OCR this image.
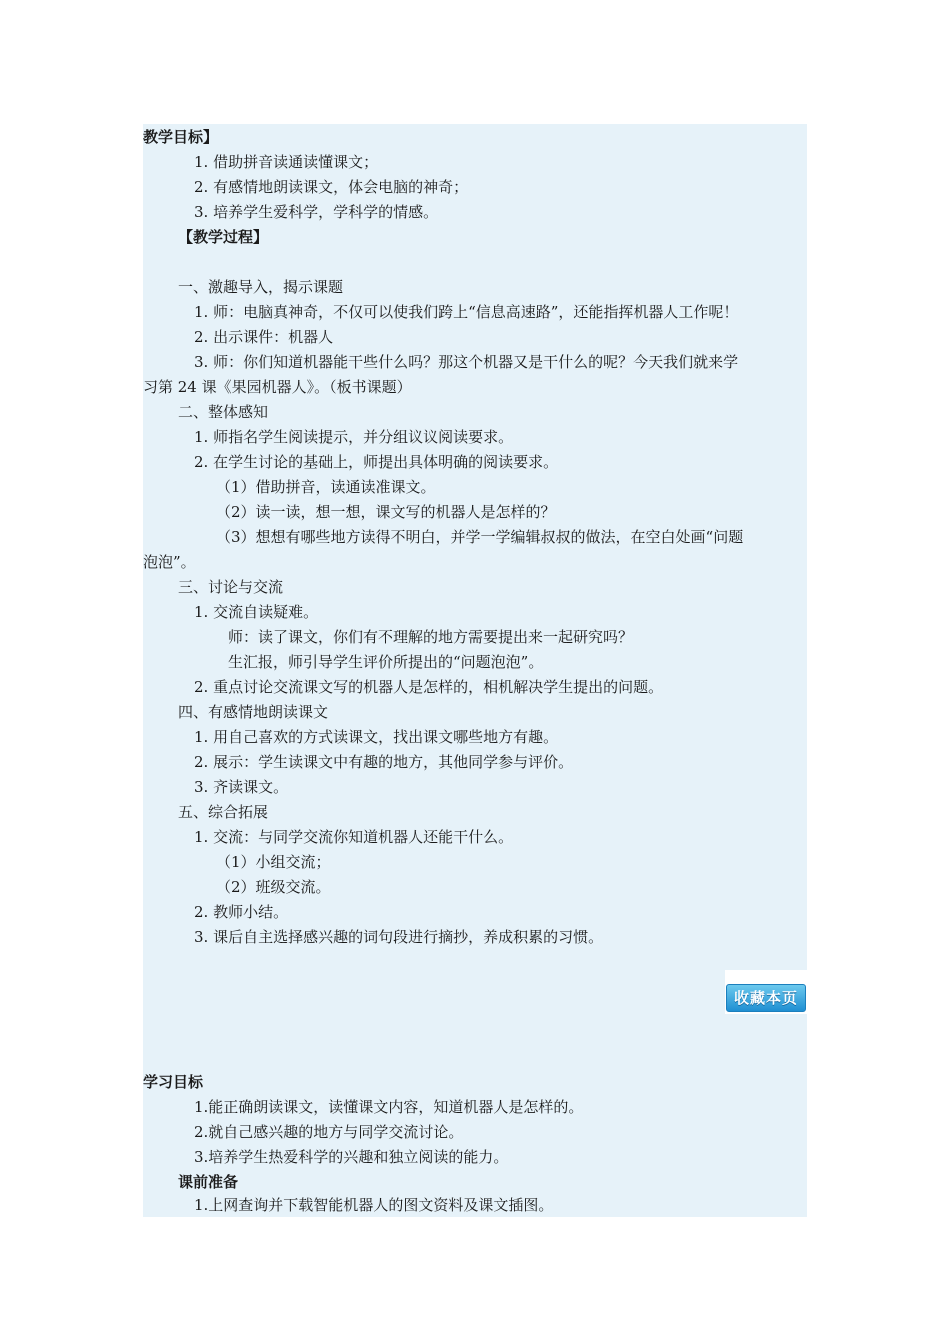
教学目标】
1. 借助拼音读通读懂课文；
2. 有感情地朗读课文，体会电脑的神奇；
3. 培养学生爱科学，学科学的情感。
【教学过程】
一、激趣导入，揭示课题
1. 师：电脑真神奇，不仅可以使我们跨上“信息高速路”，还能指挥机器人工作呢！
2. 出示课件：机器人
3. 师：你们知道机器能干些什么吗？那这个机器又是干什么的呢？今天我们就来学
习第 24 课《果园机器人》。（板书课题）
二、整体感知
1. 师指名学生阅读提示，并分组议议阅读要求。
2. 在学生讨论的基础上，师提出具体明确的阅读要求。
（1）借助拼音，读通读准课文。
（2）读一读，想一想，课文写的机器人是怎样的？
（3）想想有哪些地方读得不明白，并学一学编辑叔叔的做法，在空白处画“问题
泡泡”。
三、讨论与交流
1. 交流自读疑难。
师：读了课文，你们有不理解的地方需要提出来一起研究吗？
生汇报，师引导学生评价所提出的“问题泡泡”。
2. 重点讨论交流课文写的机器人是怎样的，相机解决学生提出的问题。
四、有感情地朗读课文
1. 用自己喜欢的方式读课文，找出课文哪些地方有趣。
2. 展示：学生读课文中有趣的地方，其他同学参与评价。
3. 齐读课文。
五、综合拓展
1. 交流：与同学交流你知道机器人还能干什么。
（1）小组交流；
（2）班级交流。
2. 教师小结。
3. 课后自主选择感兴趣的词句段进行摘抄，养成积累的习惯。
收藏本页
学习目标
1.能正确朗读课文，读懂课文内容，知道机器人是怎样的。
2.就自己感兴趣的地方与同学交流讨论。
3.培养学生热爱科学的兴趣和独立阅读的能力。
课前准备
1.上网查询并下载智能机器人的图文资料及课文插图。
